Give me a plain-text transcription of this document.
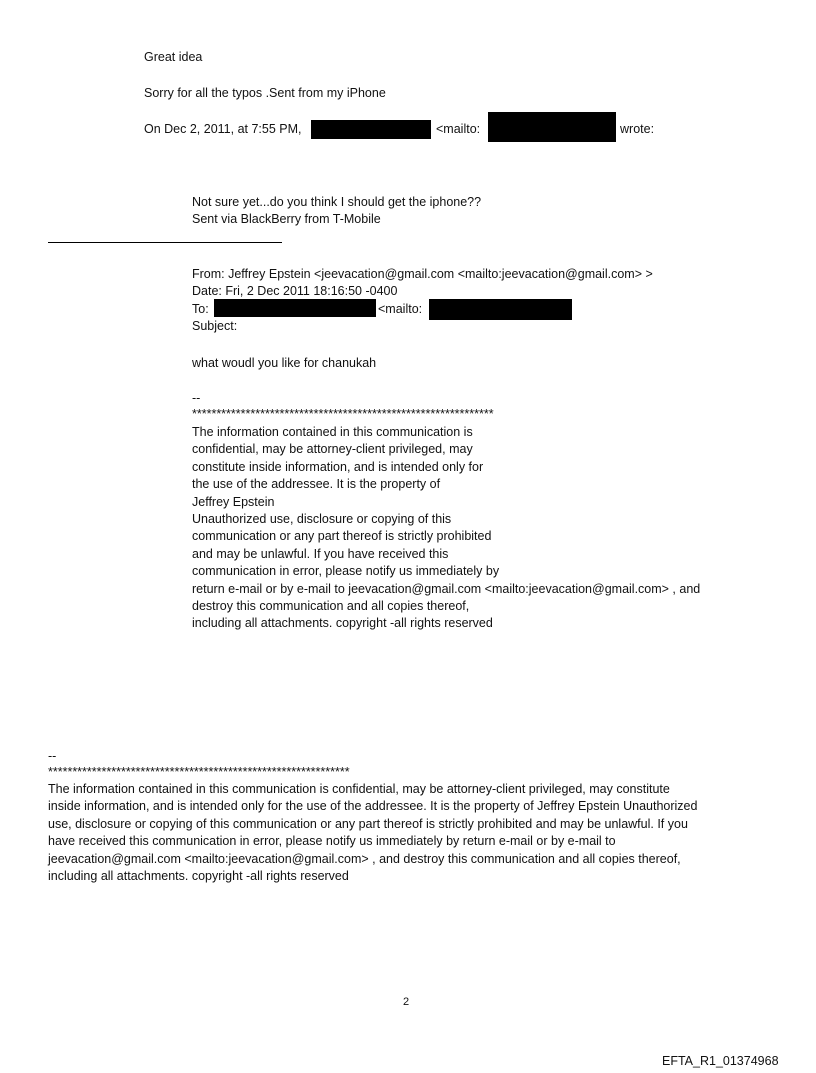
Great idea
Sorry for all the typos .Sent from my iPhone
On Dec 2, 2011, at 7:55 PM,	<mailto:	wrote:
Not sure yet...do you think I should get the iphone??
Sent via BlackBerry from T-Mobile
From: Jeffrey Epstein <jeevacation@gmail.com <mailto:jeevacation@gmail.com> >
Date: Fri, 2 Dec 2011 18:16:50 -0400
To:	<mailto:
Subject:
what woudl you like for chanukah
--
**************************************************************
The information contained in this communication is
confidential, may be attorney-client privileged, may
constitute inside information, and is intended only for
the use of the addressee. It is the property of
Jeffrey Epstein
Unauthorized use, disclosure or copying of this
communication or any part thereof is strictly prohibited
and may be unlawful. If you have received this
communication in error, please notify us immediately by
return e-mail or by e-mail to jeevacation@gmail.com <mailto:jeevacation@gmail.com> , and
destroy this communication and all copies thereof,
including all attachments. copyright -all rights reserved
--
**************************************************************
The information contained in this communication is confidential, may be attorney-client privileged, may constitute
inside information, and is intended only for the use of the addressee. It is the property of Jeffrey Epstein Unauthorized
use, disclosure or copying of this communication or any part thereof is strictly prohibited and may be unlawful. If you
have received this communication in error, please notify us immediately by return e-mail or by e-mail to
jeevacation@gmail.com <mailto:jeevacation@gmail.com> , and destroy this communication and all copies thereof,
including all attachments. copyright -all rights reserved
2
EFTA_R1_01374968
